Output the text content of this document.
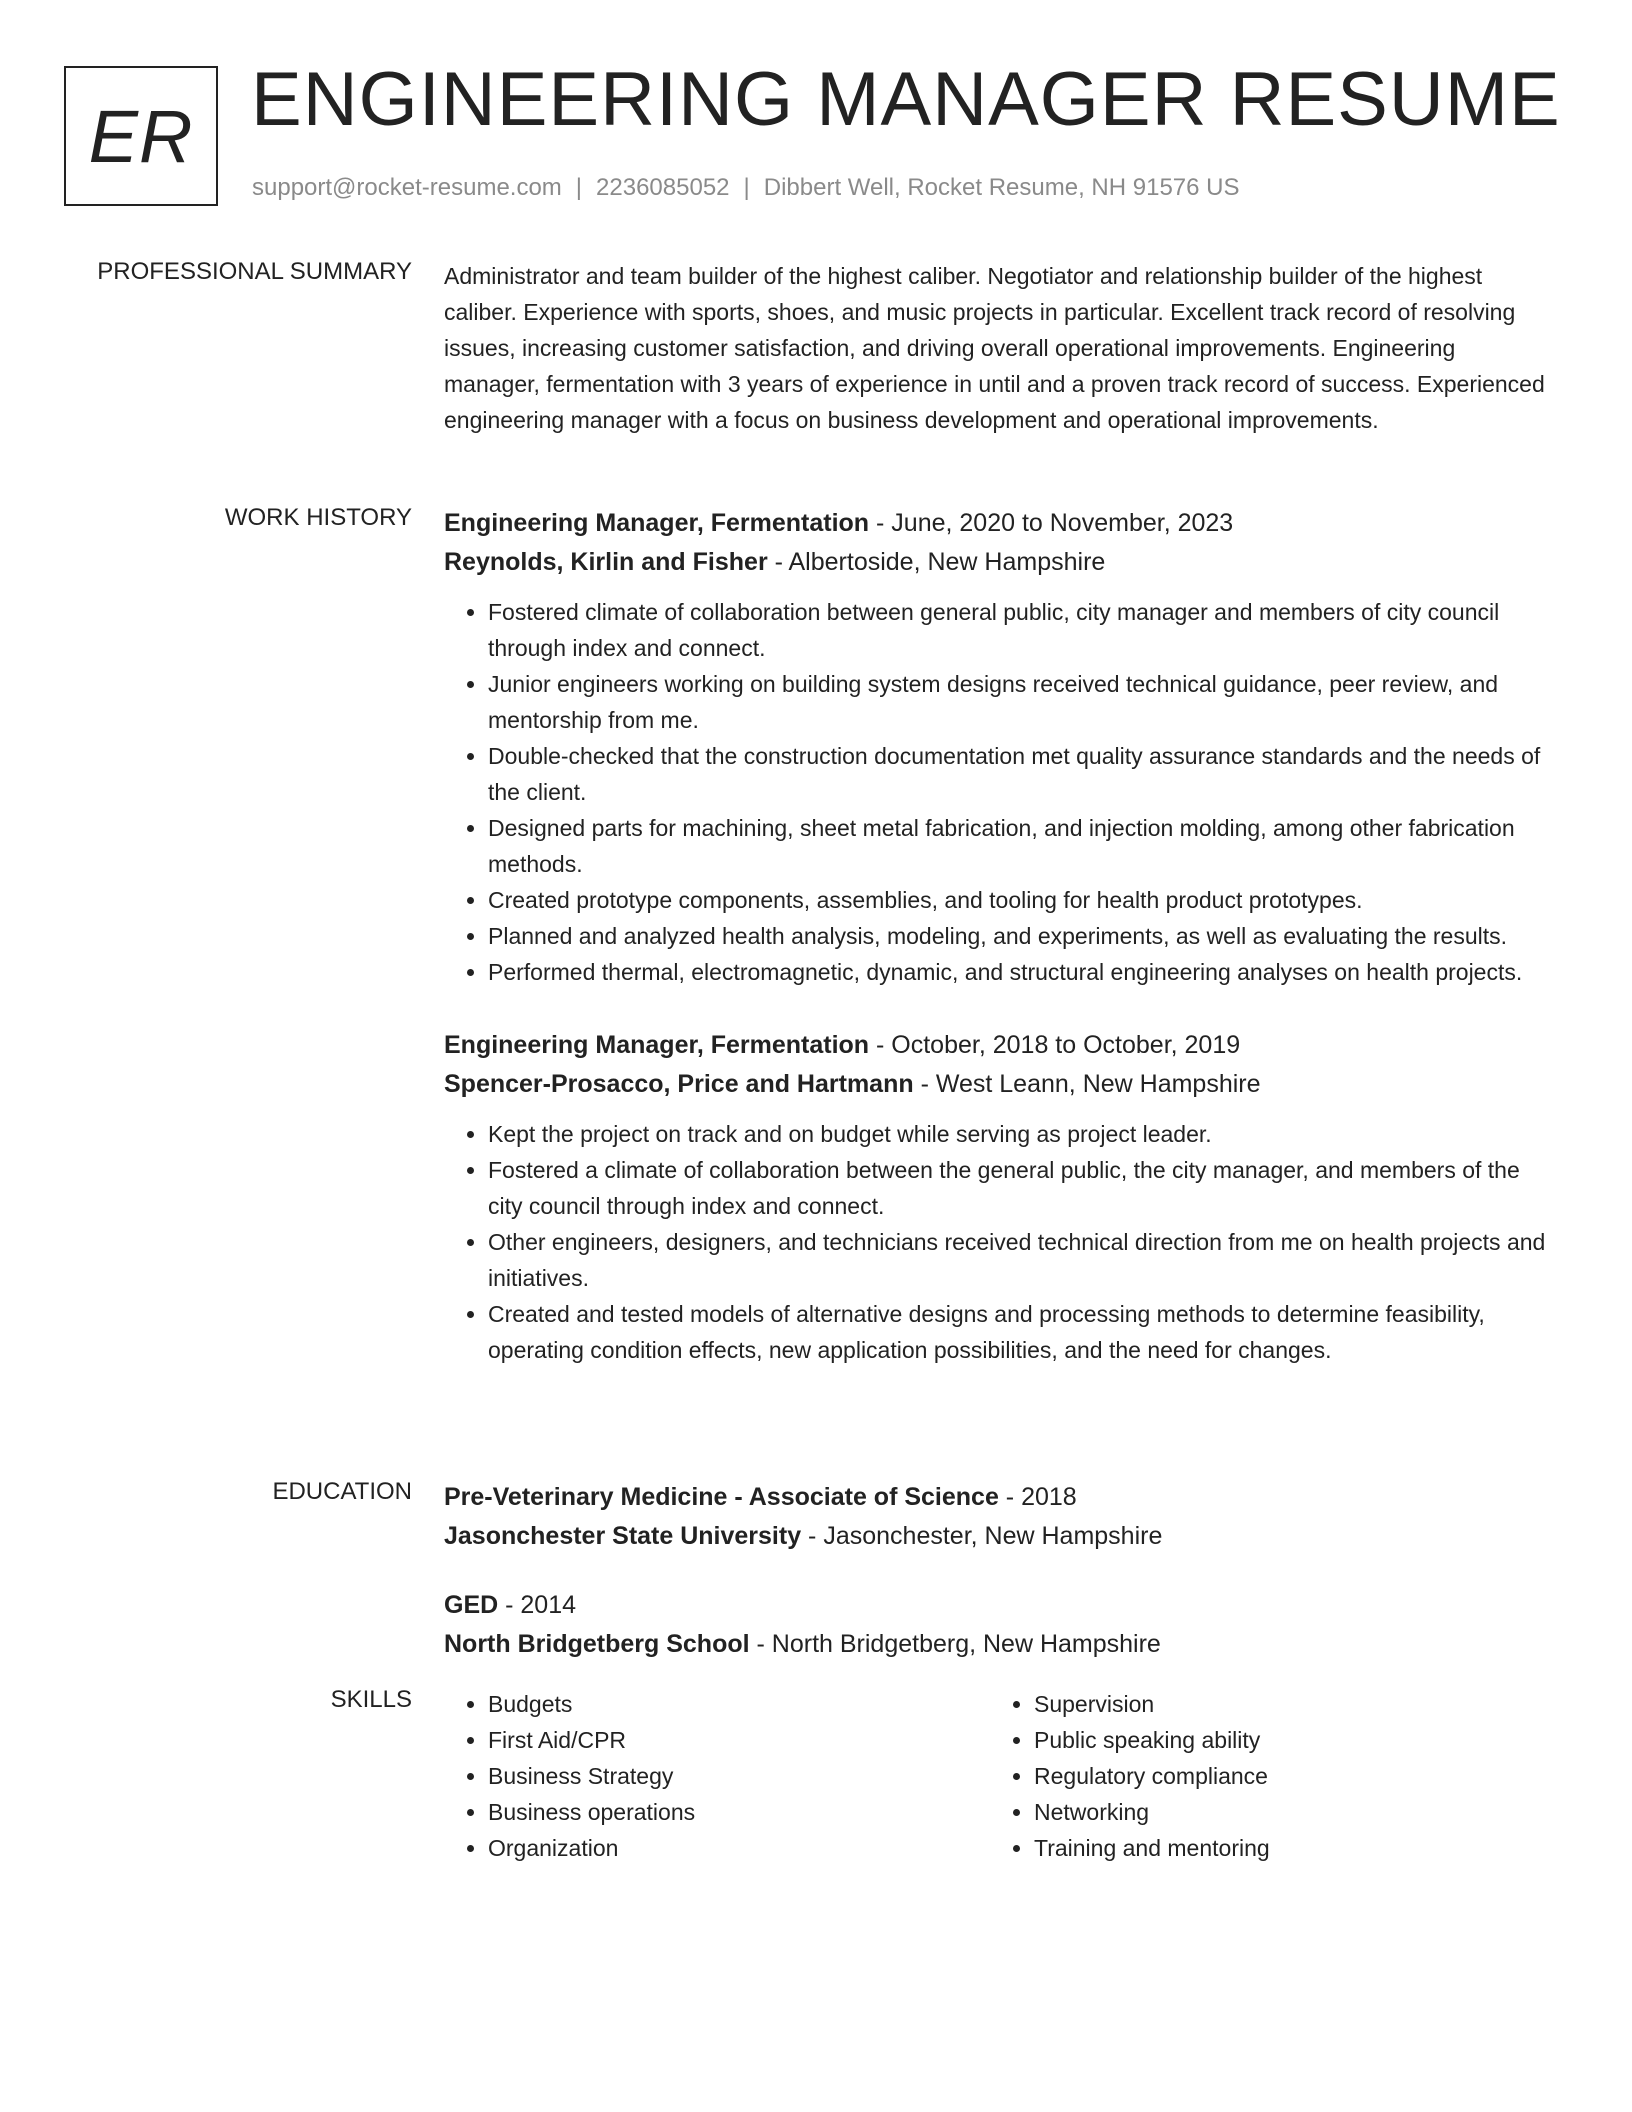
ER ENGINEERING MANAGER RESUME
support@rocket-resume.com | 2236085052 | Dibbert Well, Rocket Resume, NH 91576 US
PROFESSIONAL SUMMARY Administrator and team builder of the highest caliber. Negotiator and relationship builder of the highest caliber. Experience with sports, shoes, and music projects in particular. Excellent track record of resolving issues, increasing customer satisfaction, and driving overall operational improvements. Engineering manager, fermentation with 3 years of experience in until and a proven track record of success. Experienced engineering manager with a focus on business development and operational improvements.

WORK HISTORY Engineering Manager, Fermentation - June, 2020 to November, 2023
Reynolds, Kirlin and Fisher - Albertoside, New Hampshire
• Fostered climate of collaboration between general public, city manager and members of city council through index and connect.
• Junior engineers working on building system designs received technical guidance, peer review, and mentorship from me.
• Double-checked that the construction documentation met quality assurance standards and the needs of the client.
• Designed parts for machining, sheet metal fabrication, and injection molding, among other fabrication methods.
• Created prototype components, assemblies, and tooling for health product prototypes.
• Planned and analyzed health analysis, modeling, and experiments, as well as evaluating the results.
• Performed thermal, electromagnetic, dynamic, and structural engineering analyses on health projects.
Engineering Manager, Fermentation - October, 2018 to October, 2019
Spencer-Prosacco, Price and Hartmann - West Leann, New Hampshire
• Kept the project on track and on budget while serving as project leader.
• Fostered a climate of collaboration between the general public, the city manager, and members of the city council through index and connect.
• Other engineers, designers, and technicians received technical direction from me on health projects and initiatives.
• Created and tested models of alternative designs and processing methods to determine feasibility, operating condition effects, new application possibilities, and the need for changes.
EDUCATION Pre-Veterinary Medicine - Associate of Science - 2018
Jasonchester State University - Jasonchester, New Hampshire
GED - 2014
North Bridgetberg School - North Bridgetberg, New Hampshire
SKILLS
•	Budgets
• First Aid/CPR
• Business Strategy
• Business operations
• Organization
• Supervision
• Public speaking ability
• Regulatory compliance
• Networking
• Training and mentoring
